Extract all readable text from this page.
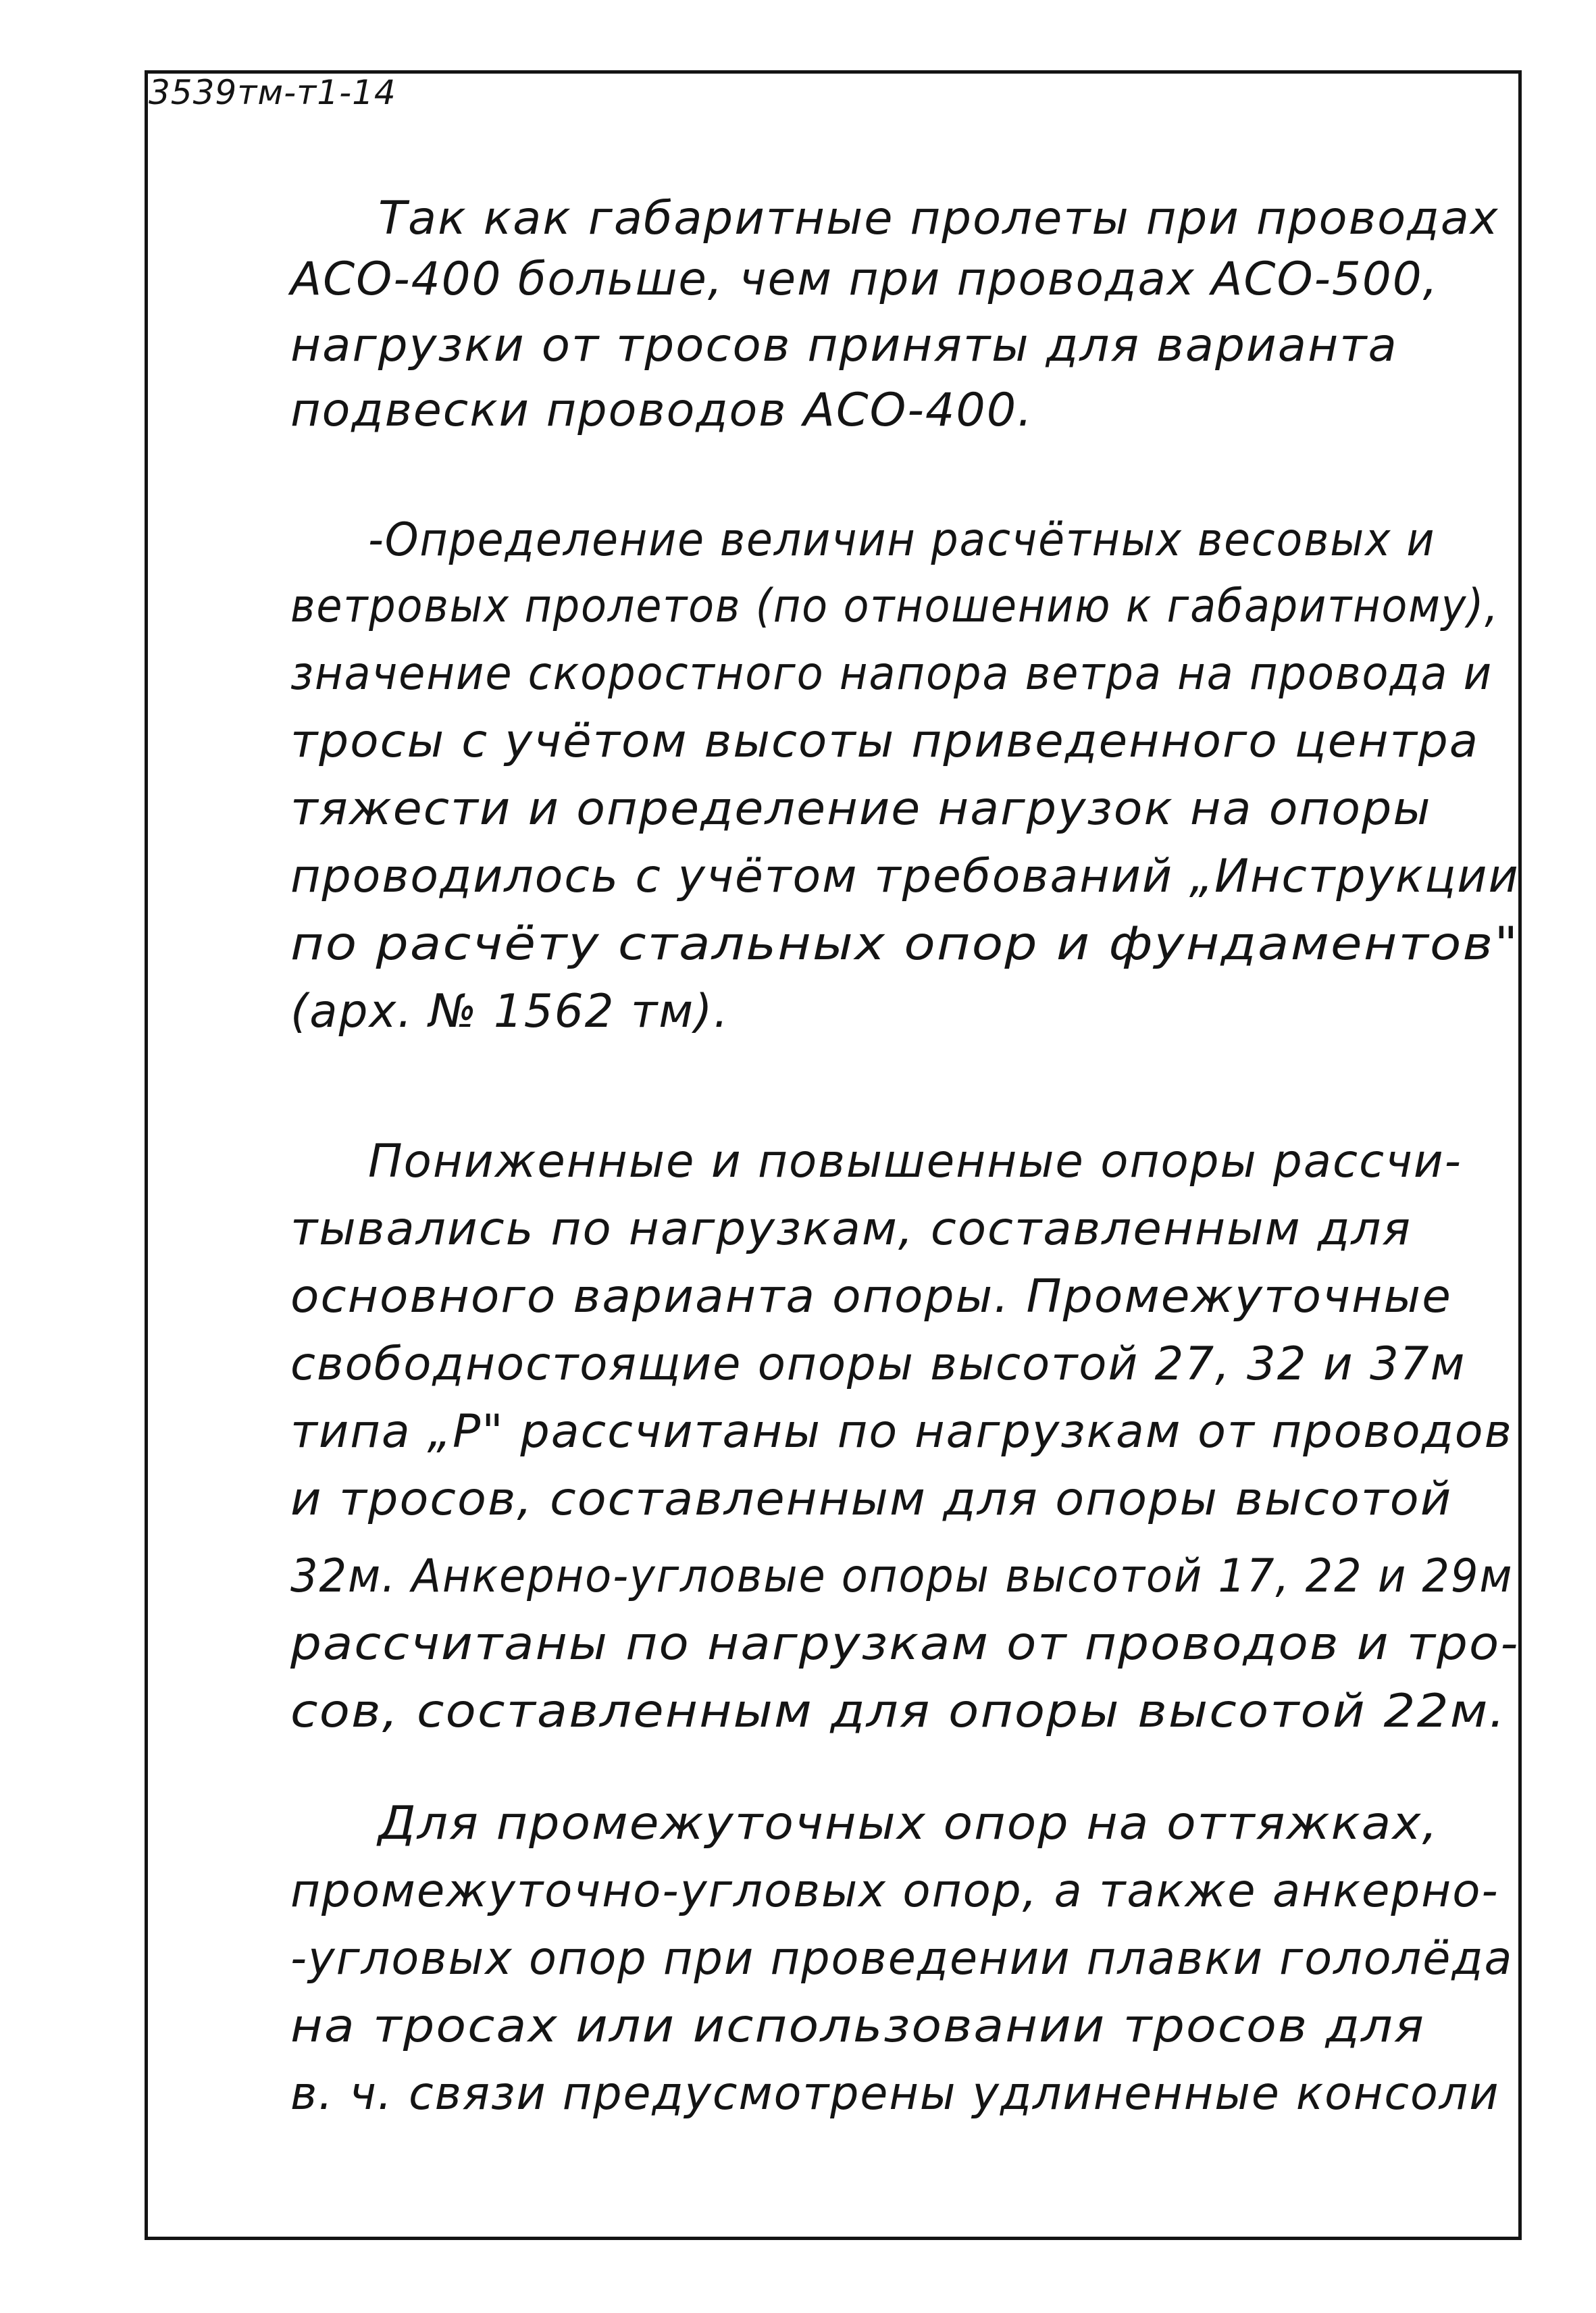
3539тм-т1-14
Так как габаритные пролеты при проводах
АСО-400 больше, чем при проводах АСО-500,
нагрузки от тросов приняты для варианта
подвески проводов АСО-400.
-Определение величин расчётных весовых и
ветровых пролетов (по отношению к габаритному),
значение скоростного напора ветра на провода и
тросы с учётом высоты приведенного центра
тяжести и определение нагрузок на опоры
проводилось с учётом требований „Инструкции
по расчёту стальных опор и фундаментов"
(арх. № 1562 тм).
Пониженные и повышенные опоры рассчи-
тывались по нагрузкам, составленным для
основного варианта опоры. Промежуточные
свободностоящие опоры высотой 27, 32 и 37м
типа „Р" рассчитаны по нагрузкам от проводов
и тросов, составленным для опоры высотой
32м. Анкерно-угловые опоры высотой 17, 22 и 29м
рассчитаны по нагрузкам от проводов и тро-
сов, составленным для опоры высотой 22м.
Для промежуточных опор на оттяжках,
промежуточно-угловых опор, а также анкерно-
-угловых опор при проведении плавки гололёда
на тросах или использовании тросов для
в. ч. связи предусмотрены удлиненные консоли
